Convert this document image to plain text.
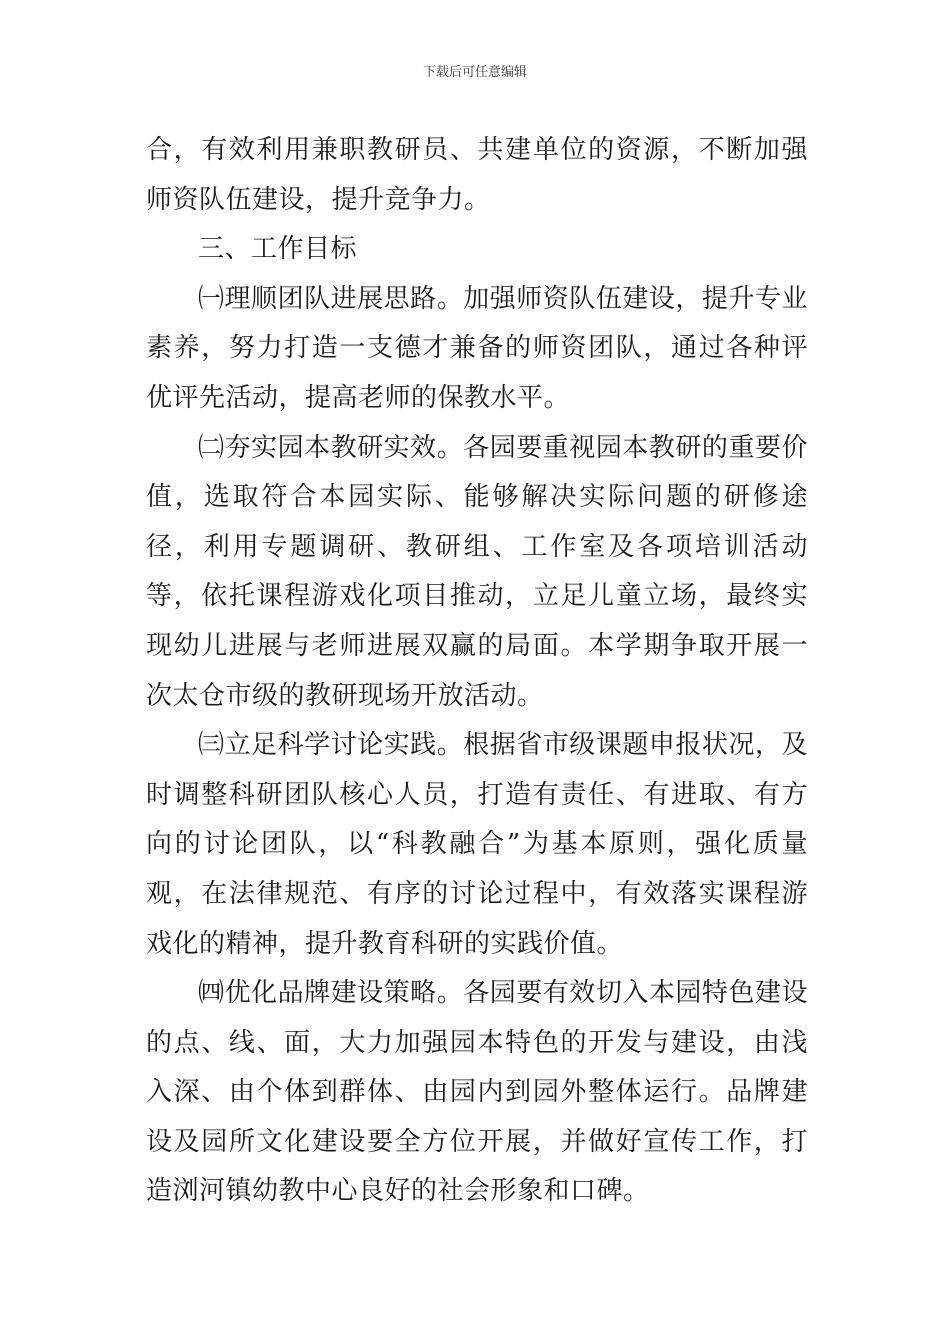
下载后可任意编辑

合，有效利用兼职教研员、共建单位的资源，不断加强师资队伍建设，提升竞争力。

三、工作目标

㈠理顺团队进展思路。加强师资队伍建设，提升专业素养，努力打造一支德才兼备的师资团队，通过各种评优评先活动，提高老师的保教水平。

㈡夯实园本教研实效。各园要重视园本教研的重要价值，选取符合本园实际、能够解决实际问题的研修途径，利用专题调研、教研组、工作室及各项培训活动等，依托课程游戏化项目推动，立足儿童立场，最终实现幼儿进展与老师进展双赢的局面。本学期争取开展一次太仓市级的教研现场开放活动。

㈢立足科学讨论实践。根据省市级课题申报状况，及时调整科研团队核心人员，打造有责任、有进取、有方向的讨论团队，以“科教融合”为基本原则，强化质量观，在法律规范、有序的讨论过程中，有效落实课程游戏化的精神，提升教育科研的实践价值。

㈣优化品牌建设策略。各园要有效切入本园特色建设的点、线、面，大力加强园本特色的开发与建设，由浅入深、由个体到群体、由园内到园外整体运行。品牌建设及园所文化建设要全方位开展，并做好宣传工作，打造浏河镇幼教中心良好的社会形象和口碑。
